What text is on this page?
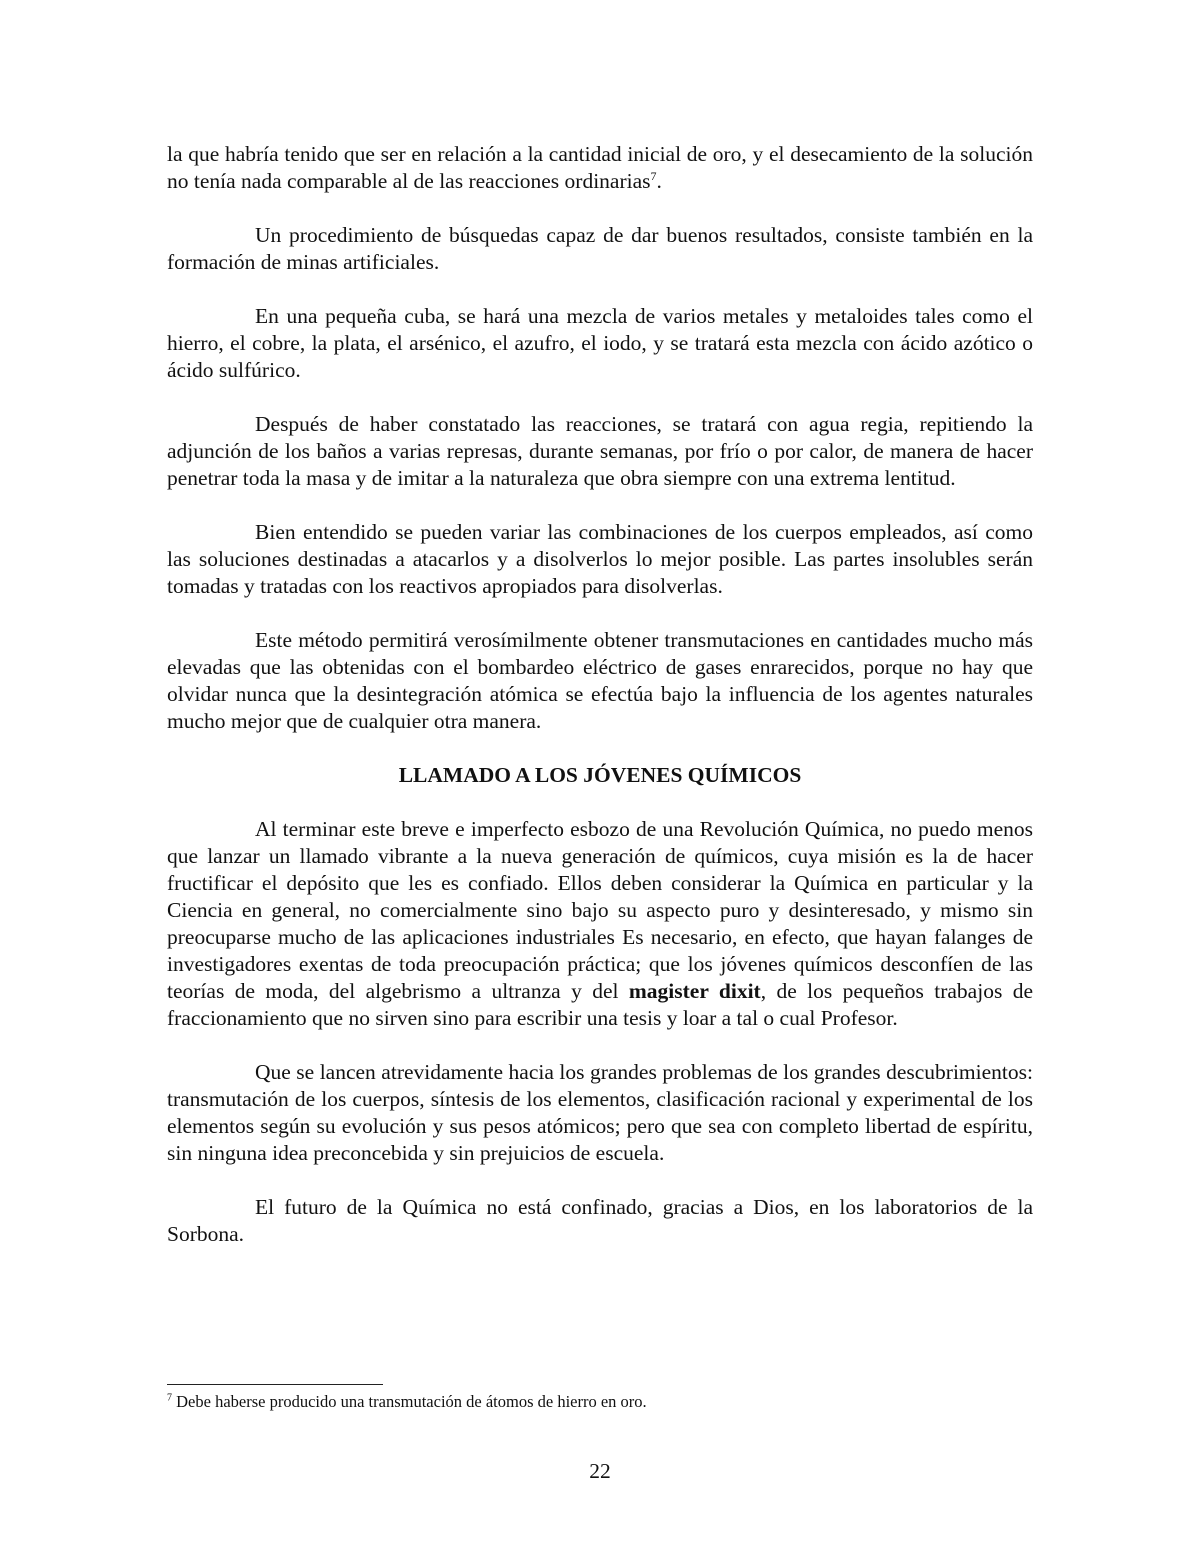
la que habría tenido que ser en relación a la cantidad inicial de oro, y el desecamiento de la solución no tenía nada comparable al de las reacciones ordinarias$^7$.

Un procedimiento de búsquedas capaz de dar buenos resultados, consiste también en la formación de minas artificiales.

En una pequeña cuba, se hará una mezcla de varios metales y metaloides tales como el hierro, el cobre, la plata, el arsénico, el azufro, el iodo, y se tratará esta mezcla con ácido azótico o ácido sulfúrico.

Después de haber constatado las reacciones, se tratará con agua regia, repitiendo la adjunción de los baños a varias represas, durante semanas, por frío o por calor, de manera de hacer penetrar toda la masa y de imitar a la naturaleza que obra siempre con una extrema lentitud.

Bien entendido se pueden variar las combinaciones de los cuerpos empleados, así como las soluciones destinadas a atacarlos y a disolverlos lo mejor posible. Las partes insolubles serán tomadas y tratadas con los reactivos apropiados para disolverlas.

Este método permitirá verosímilmente obtener transmutaciones en cantidades mucho más elevadas que las obtenidas con el bombardeo eléctrico de gases enrarecidos, porque no hay que olvidar nunca que la desintegración atómica se efectúa bajo la influencia de los agentes naturales mucho mejor que de cualquier otra manera.

LLAMADO A LOS JÓVENES QUÍMICOS

Al terminar este breve e imperfecto esbozo de una Revolución Química, no puedo menos que lanzar un llamado vibrante a la nueva generación de químicos, cuya misión es la de hacer fructificar el depósito que les es confiado. Ellos deben considerar la Química en particular y la Ciencia en general, no comercialmente sino bajo su aspecto puro y desinteresado, y mismo sin preocuparse mucho de las aplicaciones industriales Es necesario, en efecto, que hayan falanges de investigadores exentas de toda preocupación práctica; que los jóvenes químicos desconfíen de las teorías de moda, del algebrismo a ultranza y del magister dixit, de los pequeños trabajos de fraccionamiento que no sirven sino para escribir una tesis y loar a tal o cual Profesor.

Que se lancen atrevidamente hacia los grandes problemas de los grandes descubrimientos: transmutación de los cuerpos, síntesis de los elementos, clasificación racional y experimental de los elementos según su evolución y sus pesos atómicos; pero que sea con completo libertad de espíritu, sin ninguna idea preconcebida y sin prejuicios de escuela.

El futuro de la Química no está confinado, gracias a Dios, en los laboratorios de la Sorbona.

$^7$ Debe haberse producido una transmutación de átomos de hierro en oro.
22
